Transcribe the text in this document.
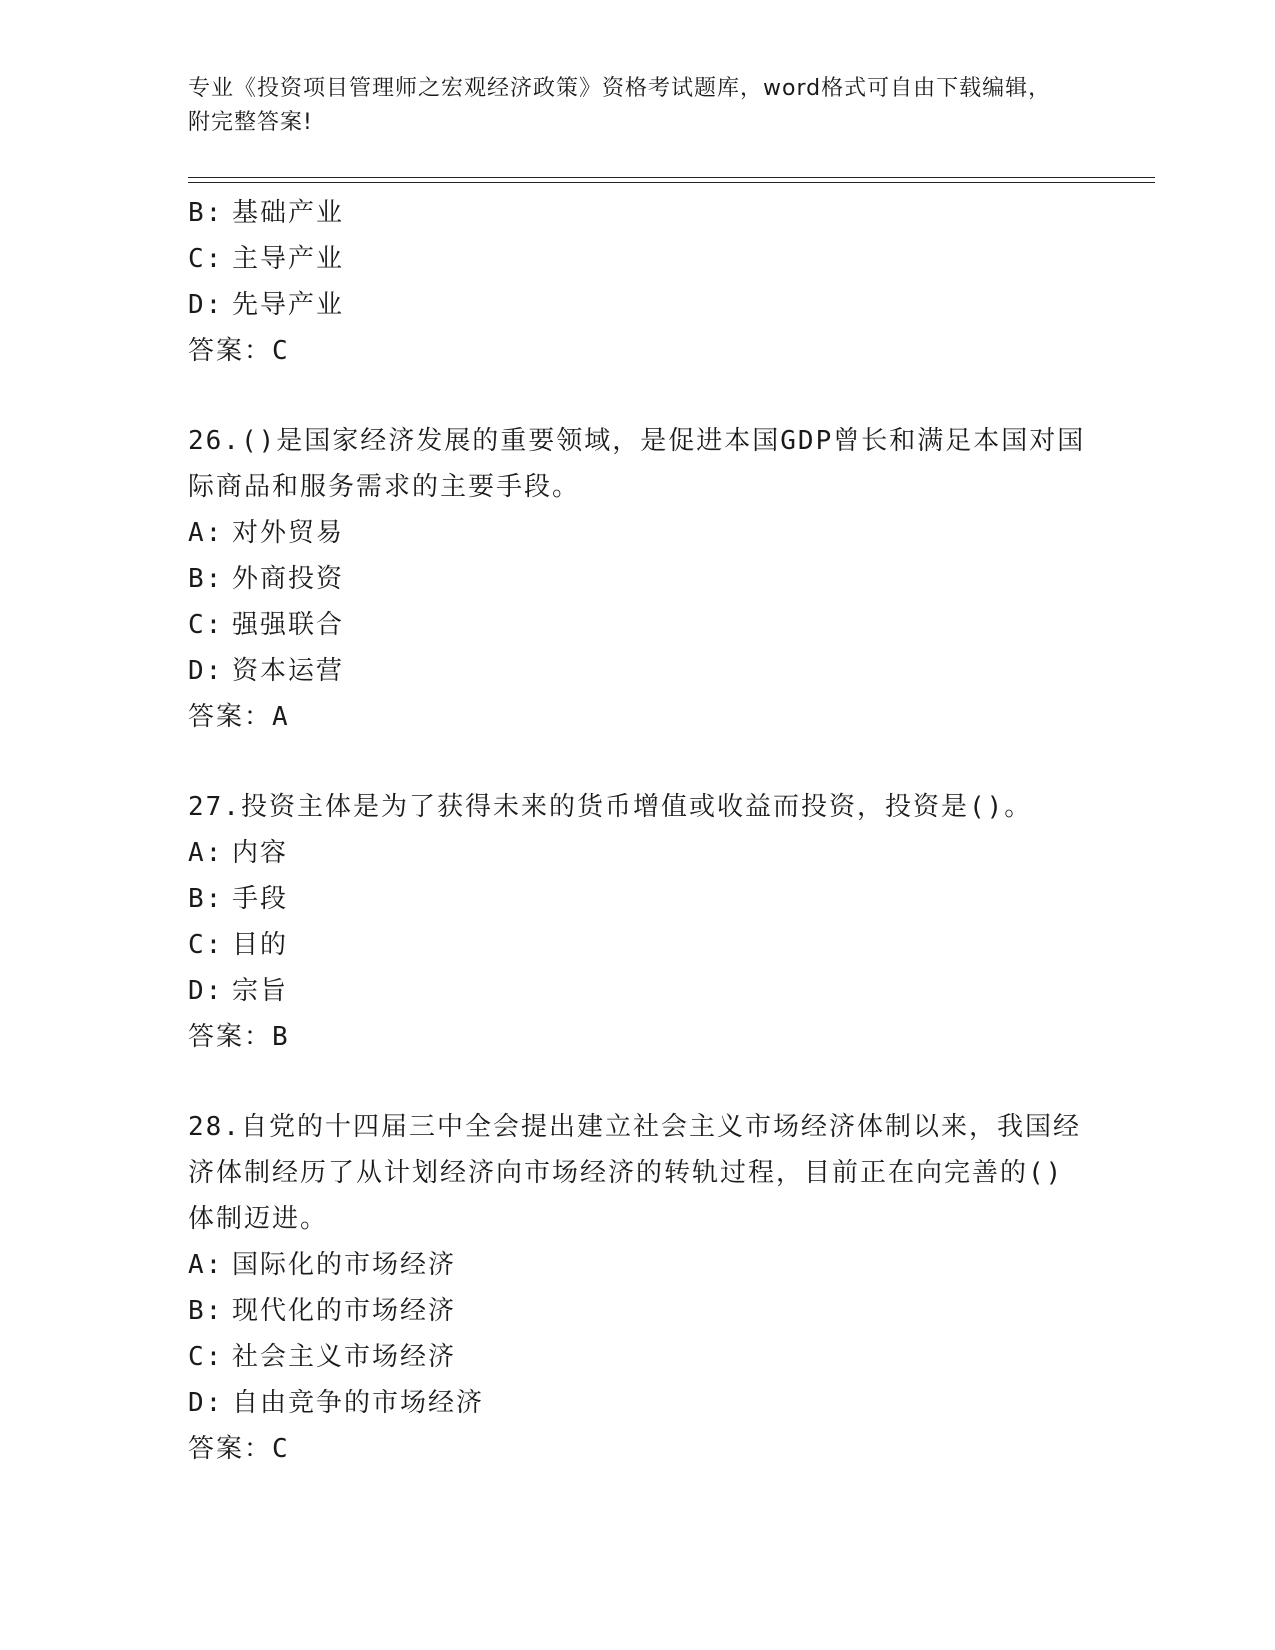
专业《投资项目管理师之宏观经济政策》资格考试题库，word格式可自由下载编辑，附完整答案!
B: 基础产业
C: 主导产业
D: 先导产业
答案：C
26.()是国家经济发展的重要领域，是促进本国GDP曾长和满足本国对国际商品和服务需求的主要手段。
A: 对外贸易
B: 外商投资
C: 强强联合
D: 资本运营
答案：A
27.投资主体是为了获得未来的货币增值或收益而投资，投资是()。
A: 内容
B: 手段
C: 目的
D: 宗旨
答案：B
28.自党的十四届三中全会提出建立社会主义市场经济体制以来，我国经济体制经历了从计划经济向市场经济的转轨过程，目前正在向完善的()体制迈进。
A: 国际化的市场经济
B: 现代化的市场经济
C: 社会主义市场经济
D: 自由竞争的市场经济
答案：C
